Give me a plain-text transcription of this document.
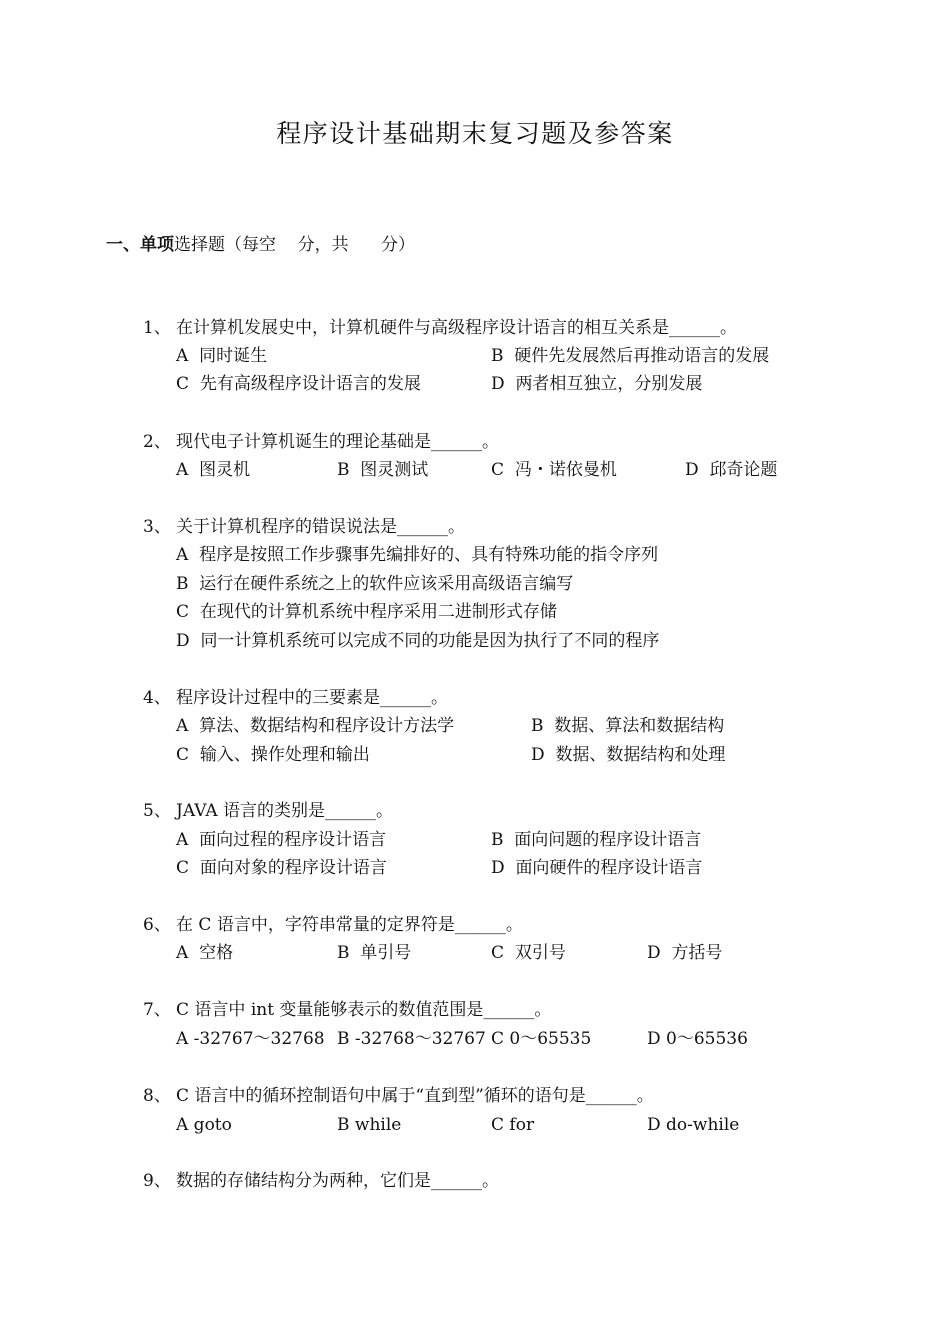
程序设计基础期末复习题及参答案
一、单项选择题（每空    分，共      分）
1、 在计算机发展史中，计算机硬件与高级程序设计语言的相互关系是______。
A  同时诞生	B  硬件先发展然后再推动语言的发展
C  先有高级程序设计语言的发展	D  两者相互独立，分别发展
2、 现代电子计算机诞生的理论基础是______。
A  图灵机	B  图灵测试	C  冯・诺依曼机	D  邱奇论题
3、 关于计算机程序的错误说法是______。
A  程序是按照工作步骤事先编排好的、具有特殊功能的指令序列
B  运行在硬件系统之上的软件应该采用高级语言编写
C  在现代的计算机系统中程序采用二进制形式存储
D  同一计算机系统可以完成不同的功能是因为执行了不同的程序
4、 程序设计过程中的三要素是______。
A  算法、数据结构和程序设计方法学	B  数据、算法和数据结构
C  输入、操作处理和输出	D  数据、数据结构和处理
5、 JAVA 语言的类别是______。
A  面向过程的程序设计语言	B  面向问题的程序设计语言
C  面向对象的程序设计语言	D  面向硬件的程序设计语言
6、 在 C 语言中，字符串常量的定界符是______。
A  空格	B  单引号	C  双引号	D  方括号
7、 C 语言中 int 变量能够表示的数值范围是______。
A -32767～32768 B -32768～32767 C 0～65535	D 0～65536
8、 C 语言中的循环控制语句中属于“直到型”循环的语句是______。
A goto	B while	C for	D do-while
9、 数据的存储结构分为两种，它们是______。
